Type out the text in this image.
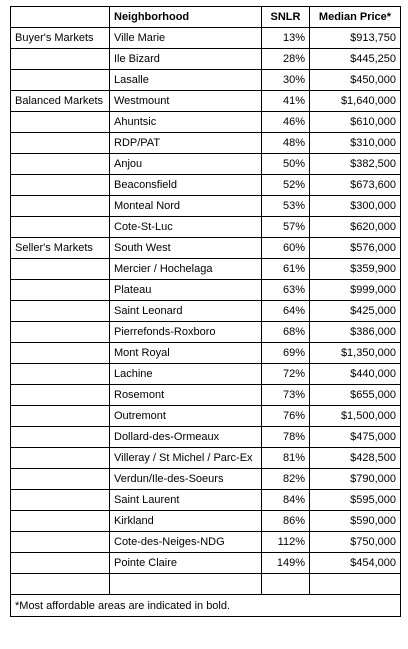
	Neighborhood	SNLR	Median Price*
Buyer's Markets	Ville Marie	13%	$913,750
	Ile Bizard	28%	$445,250
	Lasalle	30%	$450,000
Balanced Markets	Westmount	41%	$1,640,000
	Ahuntsic	46%	$610,000
	RDP/PAT	48%	$310,000
	Anjou	50%	$382,500
	Beaconsfield	52%	$673,600
	Monteal Nord	53%	$300,000
	Cote-St-Luc	57%	$620,000
Seller's Markets	South West	60%	$576,000
	Mercier / Hochelaga	61%	$359,900
	Plateau	63%	$999,000
	Saint Leonard	64%	$425,000
	Pierrefonds-Roxboro	68%	$386,000
	Mont Royal	69%	$1,350,000
	Lachine	72%	$440,000
	Rosemont	73%	$655,000
	Outremont	76%	$1,500,000
	Dollard-des-Ormeaux	78%	$475,000
	Villeray / St Michel / Parc-Ex	81%	$428,500
	Verdun/Ile-des-Soeurs	82%	$790,000
	Saint Laurent	84%	$595,000
	Kirkland	86%	$590,000
	Cote-des-Neiges-NDG	112%	$750,000
	Pointe Claire	149%	$454,000

*Most affordable areas are indicated in bold.			
